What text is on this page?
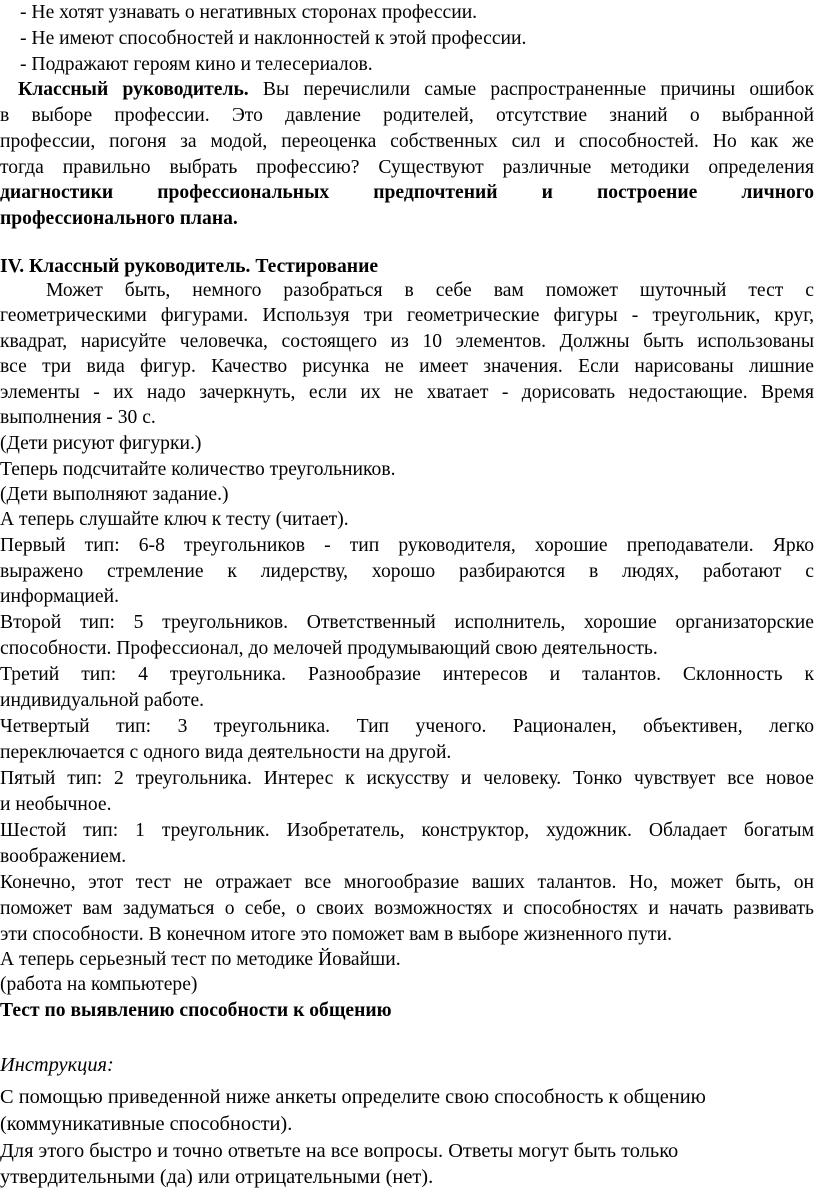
- Не хотят узнавать о негативных сторонах профессии.
- Не имеют способностей и наклонностей к этой профессии.
- Подражают героям кино и телесериалов.
Классный руководитель. Вы перечислили самые распространенные причины ошибок
в выборе профессии. Это давление родителей, отсутствие знаний о выбранной
профессии, погоня за модой, переоценка собственных сил и способностей. Но как же
тогда правильно выбрать профессию? Существуют различные методики определения
диагностики профессиональных предпочтений и построение личного
профессионального плана.
IV. Классный руководитель. Тестирование
Может быть, немного разобраться в себе вам поможет шуточный тест с
геометрическими фигурами. Используя три геометрические фигуры - треугольник, круг,
квадрат, нарисуйте человечка, состоящего из 10 элементов. Должны быть использованы
все три вида фигур. Качество рисунка не имеет значения. Если нарисованы лишние
элементы - их надо зачеркнуть, если их не хватает - дорисовать недостающие. Время
выполнения - 30 с.
(Дети рисуют фигурки.)
Теперь подсчитайте количество треугольников.
(Дети выполняют задание.)
А теперь слушайте ключ к тесту (читает).
Первый тип: 6-8 треугольников - тип руководителя, хорошие преподаватели. Ярко
выражено стремление к лидерству, хорошо разбираются в людях, работают с
информацией.
Второй тип: 5 треугольников. Ответственный исполнитель, хорошие организаторские
способности. Профессионал, до мелочей продумывающий свою деятельность.
Третий тип: 4 треугольника. Разнообразие интересов и талантов. Склонность к
индивидуальной работе.
Четвертый тип: 3 треугольника. Тип ученого. Рационален, объективен, легко
переключается с одного вида деятельности на другой.
Пятый тип: 2 треугольника. Интерес к искусству и человеку. Тонко чувствует все новое
и необычное.
Шестой тип: 1 треугольник. Изобретатель, конструктор, художник. Обладает богатым
воображением.
Конечно, этот тест не отражает все многообразие ваших талантов. Но, может быть, он
поможет вам задуматься о себе, о своих возможностях и способностях и начать развивать
эти способности. В конечном итоге это поможет вам в выборе жизненного пути.
А теперь серьезный тест по методике Йовайши.
(работа на компьютере)
Тест по выявлению способности к общению
Инструкция:
С помощью приведенной ниже анкеты определите свою способность к общению
(коммуникативные способности).
Для этого быстро и точно ответьте на все вопросы. Ответы могут быть только
утвердительными (да) или отрицательными (нет).
